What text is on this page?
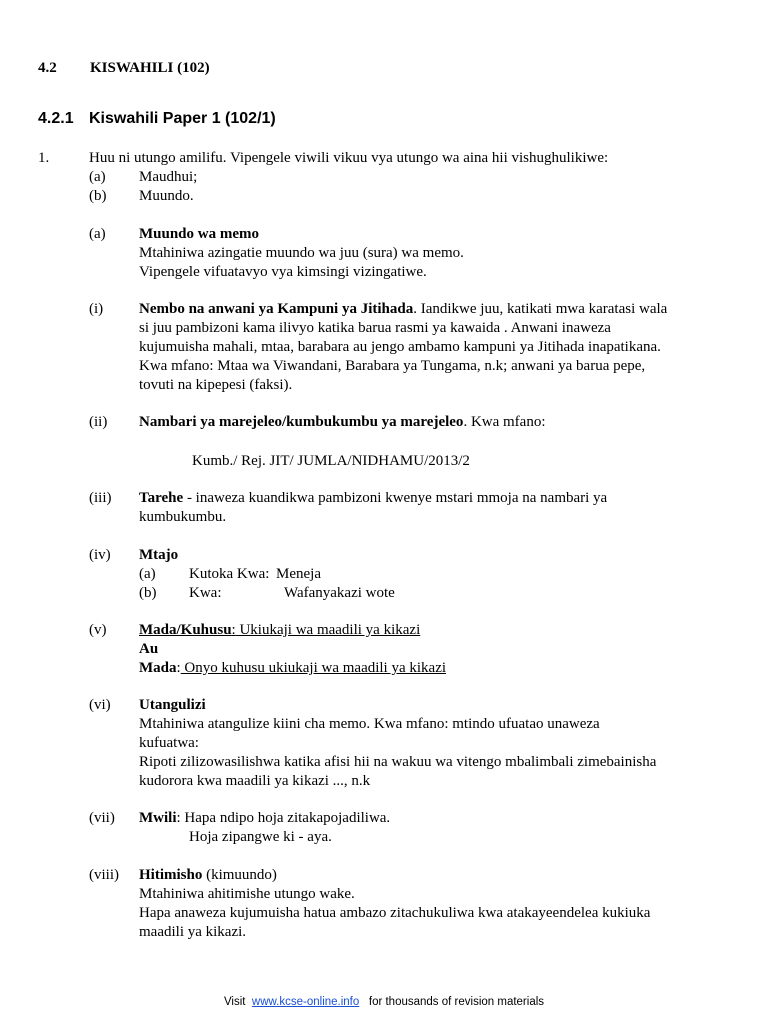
4.2 KISWAHILI (102)
4.2.1 Kiswahili Paper 1 (102/1)
1.	Huu ni utungo amilifu. Vipengele viwili vikuu vya utungo wa aina hii vishughulikiwe:
(a) Maudhui;
(b) Muundo.
(a) Muundo wa memo
Mtahiniwa azingatie muundo wa juu (sura) wa memo.
Vipengele vifuatavyo vya kimsingi vizingatiwe.
(i) Nembo na anwani ya Kampuni ya Jitihada. Iandikwe juu, katikati mwa karatasi wala
si juu pambizoni kama ilivyo katika barua rasmi ya kawaida . Anwani inaweza
kujumuisha mahali, mtaa, barabara au jengo ambamo kampuni ya Jitihada inapatikana.
Kwa mfano: Mtaa wa Viwandani, Barabara ya Tungama, n.k; anwani ya barua pepe,
tovuti na kipepesi (faksi).
(ii) Nambari ya marejeleo/kumbukumbu ya marejeleo. Kwa mfano:
Kumb./ Rej. JIT/ JUMLA/NIDHAMU/2013/2
(iii) Tarehe - inaweza kuandikwa pambizoni kwenye mstari mmoja na nambari ya
kumbukumbu.
(iv) Mtajo
(a) Kutoka Kwa: Meneja
(b) Kwa:	Wafanyakazi wote
(v) Mada/Kuhusu: Ukiukaji wa maadili ya kikazi
Au
Mada: Onyo kuhusu ukiukaji wa maadili ya kikazi
(vi) Utangulizi
Mtahiniwa atangulize kiini cha memo. Kwa mfano: mtindo ufuatao unaweza
kufuatwa:
Ripoti zilizowasilishwa katika afisi hii na wakuu wa vitengo mbalimbali zimebainisha
kudorora kwa maadili ya kikazi ..., n.k
(vii) Mwili: Hapa ndipo hoja zitakapojadiliwa.
Hoja zipangwe ki - aya.
(viii) Hitimisho (kimuundo)
Mtahiniwa ahitimishe utungo wake.
Hapa anaweza kujumuisha hatua ambazo zitachukuliwa kwa atakayeendelea kukiuka
maadili ya kikazi.
Visit www.kcse-online.info for thousands of revision materials
